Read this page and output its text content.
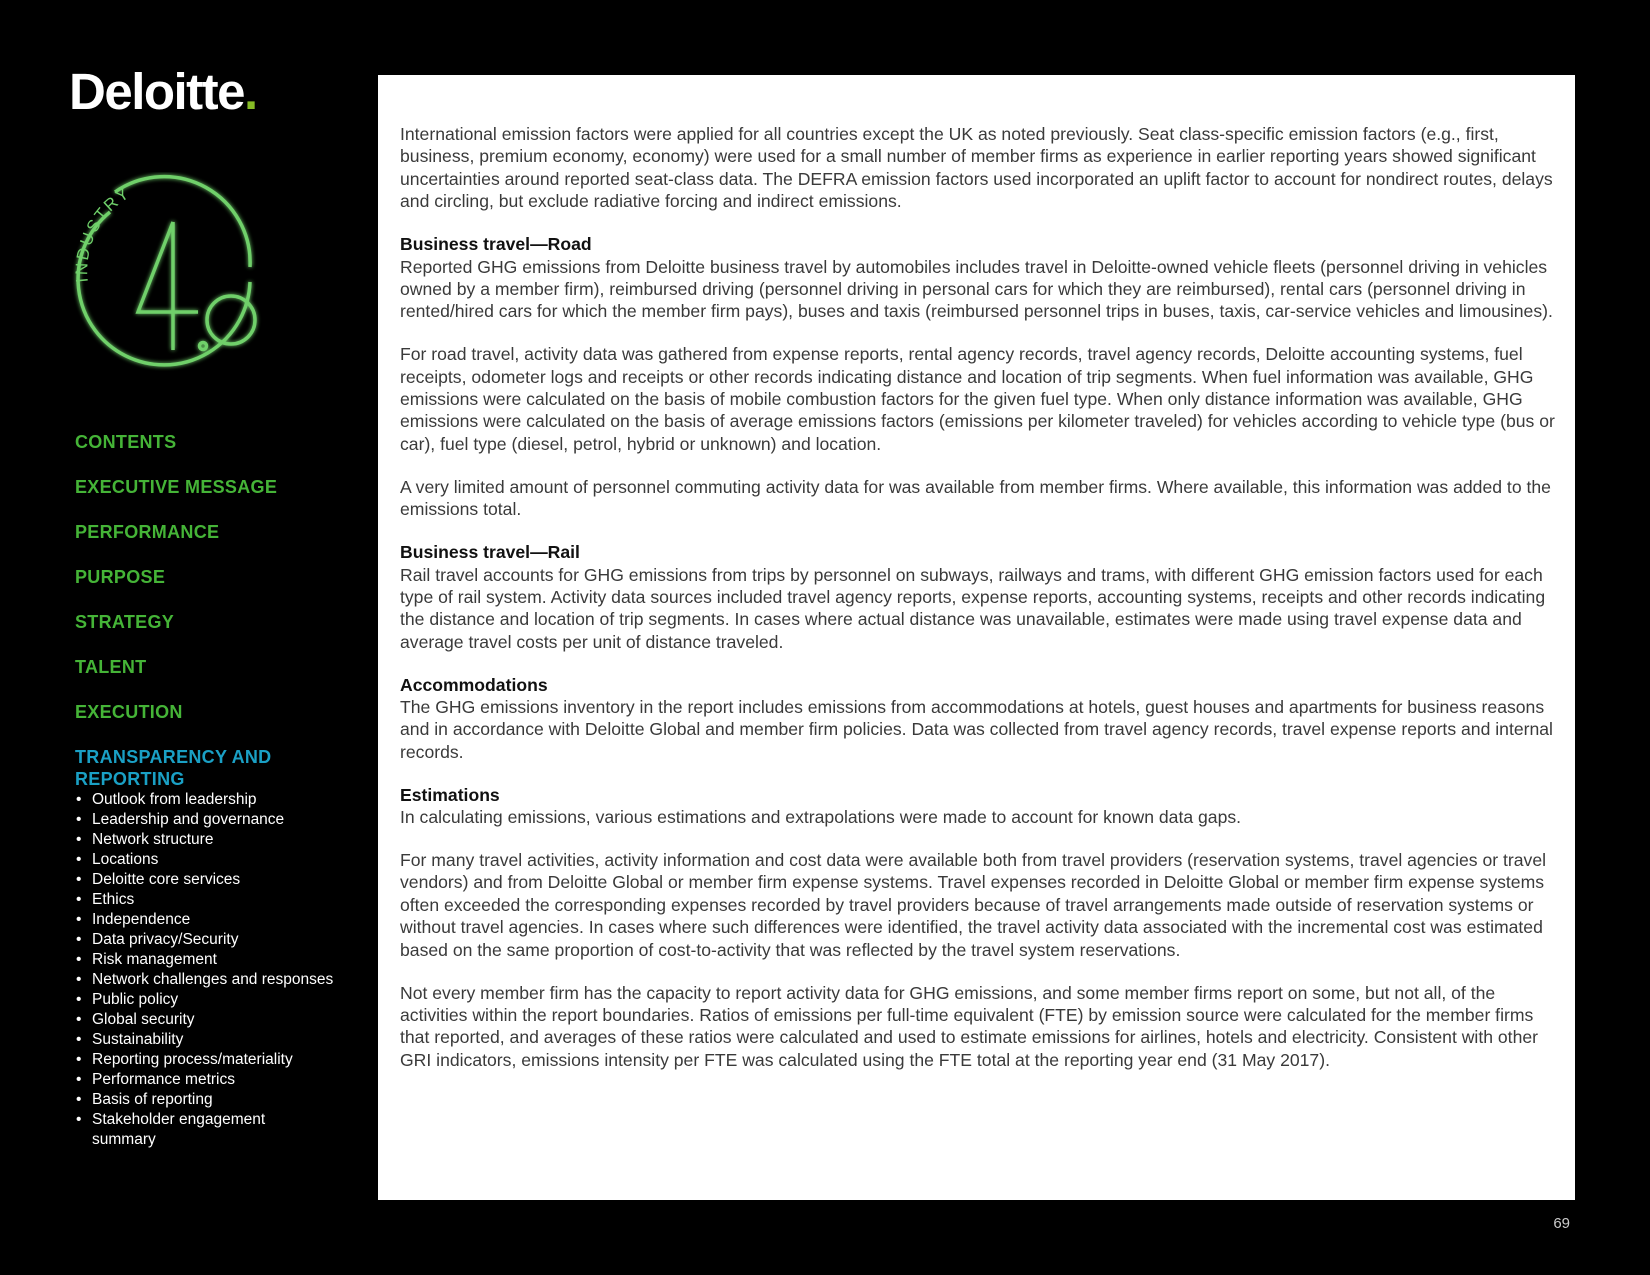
Deloitte.
INDUSTRY
CONTENTS
EXECUTIVE MESSAGE
PERFORMANCE
PURPOSE
STRATEGY
TALENT
EXECUTION
TRANSPARENCY AND
REPORTING
• Outlook from leadership
• Leadership and governance
• Network structure
• Locations
• Deloitte core services
• Ethics
• Independence
• Data privacy/Security
• Risk management
• Network challenges and responses
• Public policy
• Global security
• Sustainability
• Reporting process/materiality
• Performance metrics
• Basis of reporting
• Stakeholder engagement summary

International emission factors were applied for all countries except the UK as noted previously. Seat class-specific emission factors (e.g., first, business, premium economy, economy) were used for a small number of member firms as experience in earlier reporting years showed significant uncertainties around reported seat-class data. The DEFRA emission factors used incorporated an uplift factor to account for nondirect routes, delays and circling, but exclude radiative forcing and indirect emissions.

Business travel—Road

Reported GHG emissions from Deloitte business travel by automobiles includes travel in Deloitte-owned vehicle fleets (personnel driving in vehicles owned by a member firm), reimbursed driving (personnel driving in personal cars for which they are reimbursed), rental cars (personnel driving in rented/hired cars for which the member firm pays), buses and taxis (reimbursed personnel trips in buses, taxis, car-service vehicles and limousines).

For road travel, activity data was gathered from expense reports, rental agency records, travel agency records, Deloitte accounting systems, fuel receipts, odometer logs and receipts or other records indicating distance and location of trip segments. When fuel information was available, GHG emissions were calculated on the basis of mobile combustion factors for the given fuel type. When only distance information was available, GHG emissions were calculated on the basis of average emissions factors (emissions per kilometer traveled) for vehicles according to vehicle type (bus or car), fuel type (diesel, petrol, hybrid or unknown) and location.

A very limited amount of personnel commuting activity data for was available from member firms. Where available, this information was added to the emissions total.

Business travel—Rail

Rail travel accounts for GHG emissions from trips by personnel on subways, railways and trams, with different GHG emission factors used for each type of rail system. Activity data sources included travel agency reports, expense reports, accounting systems, receipts and other records indicating the distance and location of trip segments. In cases where actual distance was unavailable, estimates were made using travel expense data and average travel costs per unit of distance traveled.

Accommodations

The GHG emissions inventory in the report includes emissions from accommodations at hotels, guest houses and apartments for business reasons and in accordance with Deloitte Global and member firm policies. Data was collected from travel agency records, travel expense reports and internal records.

Estimations

In calculating emissions, various estimations and extrapolations were made to account for known data gaps.

For many travel activities, activity information and cost data were available both from travel providers (reservation systems, travel agencies or travel vendors) and from Deloitte Global or member firm expense systems. Travel expenses recorded in Deloitte Global or member firm expense systems often exceeded the corresponding expenses recorded by travel providers because of travel arrangements made outside of reservation systems or without travel agencies. In cases where such differences were identified, the travel activity data associated with the incremental cost was estimated based on the same proportion of cost-to-activity that was reflected by the travel system reservations.

Not every member firm has the capacity to report activity data for GHG emissions, and some member firms report on some, but not all, of the activities within the report boundaries. Ratios of emissions per full-time equivalent (FTE) by emission source were calculated for the member firms that reported, and averages of these ratios were calculated and used to estimate emissions for airlines, hotels and electricity. Consistent with other GRI indicators, emissions intensity per FTE was calculated using the FTE total at the reporting year end (31 May 2017).

69
